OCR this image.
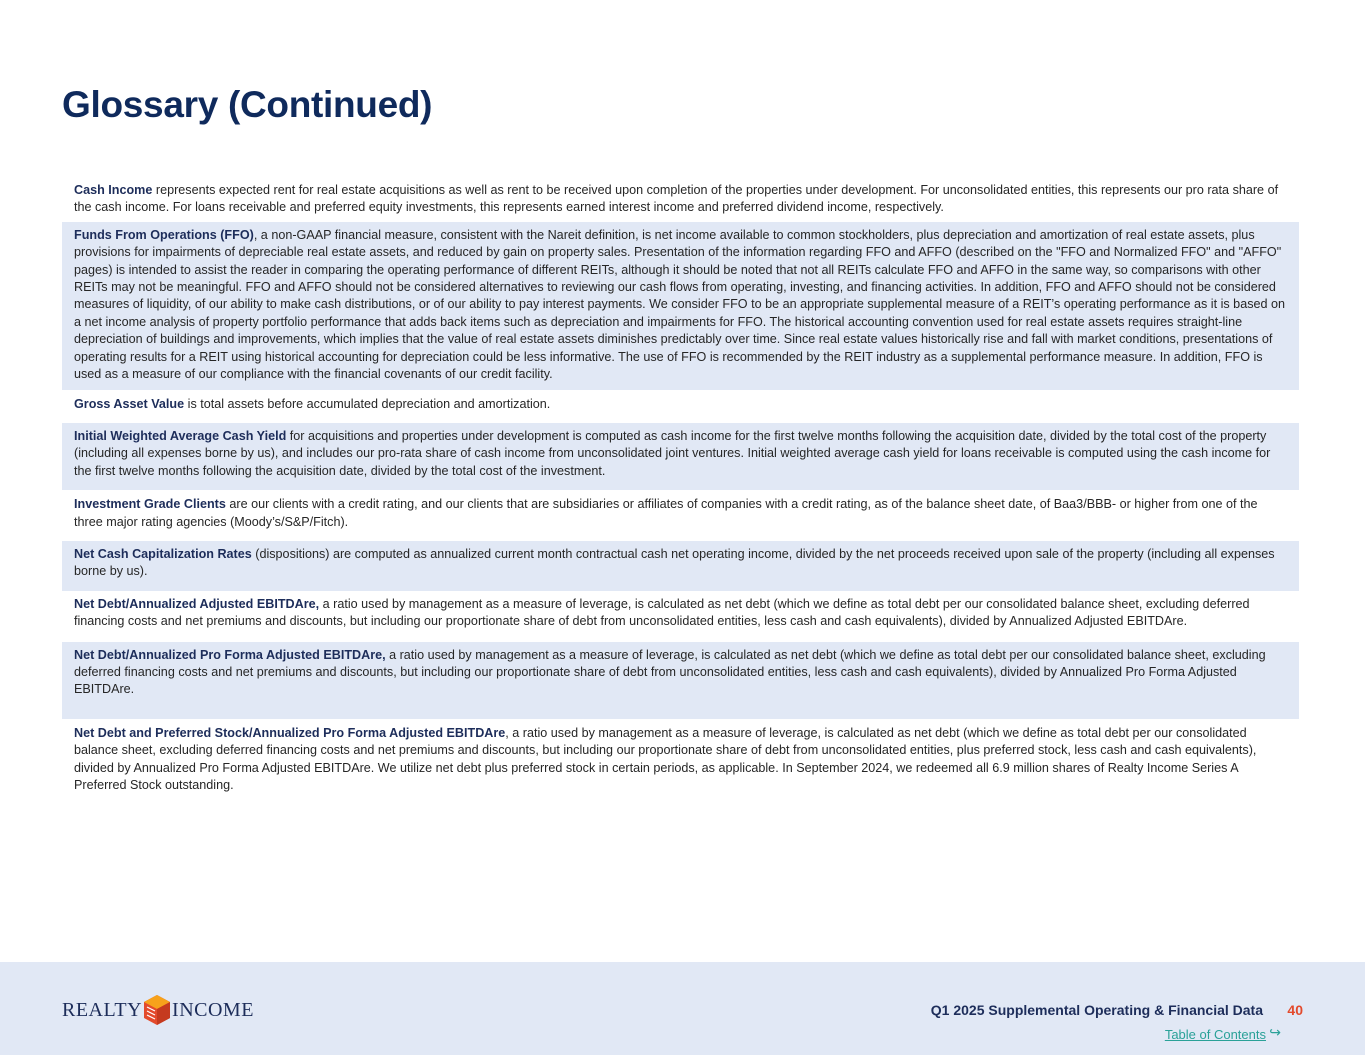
Glossary (Continued)
Cash Income represents expected rent for real estate acquisitions as well as rent to be received upon completion of the properties under development. For unconsolidated entities, this represents our pro rata share of the cash income. For loans receivable and preferred equity investments, this represents earned interest income and preferred dividend income, respectively.
Funds From Operations (FFO), a non-GAAP financial measure, consistent with the Nareit definition, is net income available to common stockholders, plus depreciation and amortization of real estate assets, plus provisions for impairments of depreciable real estate assets, and reduced by gain on property sales. Presentation of the information regarding FFO and AFFO (described on the "FFO and Normalized FFO" and "AFFO" pages) is intended to assist the reader in comparing the operating performance of different REITs, although it should be noted that not all REITs calculate FFO and AFFO in the same way, so comparisons with other REITs may not be meaningful. FFO and AFFO should not be considered alternatives to reviewing our cash flows from operating, investing, and financing activities. In addition, FFO and AFFO should not be considered measures of liquidity, of our ability to make cash distributions, or of our ability to pay interest payments. We consider FFO to be an appropriate supplemental measure of a REIT’s operating performance as it is based on a net income analysis of property portfolio performance that adds back items such as depreciation and impairments for FFO. The historical accounting convention used for real estate assets requires straight-line depreciation of buildings and improvements, which implies that the value of real estate assets diminishes predictably over time. Since real estate values historically rise and fall with market conditions, presentations of operating results for a REIT using historical accounting for depreciation could be less informative. The use of FFO is recommended by the REIT industry as a supplemental performance measure. In addition, FFO is used as a measure of our compliance with the financial covenants of our credit facility.
Gross Asset Value is total assets before accumulated depreciation and amortization.
Initial Weighted Average Cash Yield for acquisitions and properties under development is computed as cash income for the first twelve months following the acquisition date, divided by the total cost of the property (including all expenses borne by us), and includes our pro-rata share of cash income from unconsolidated joint ventures. Initial weighted average cash yield for loans receivable is computed using the cash income for the first twelve months following the acquisition date, divided by the total cost of the investment.
Investment Grade Clients are our clients with a credit rating, and our clients that are subsidiaries or affiliates of companies with a credit rating, as of the balance sheet date, of Baa3/BBB- or higher from one of the three major rating agencies (Moody’s/S&P/Fitch).
Net Cash Capitalization Rates (dispositions) are computed as annualized current month contractual cash net operating income, divided by the net proceeds received upon sale of the property (including all expenses borne by us).
Net Debt/Annualized Adjusted EBITDAre, a ratio used by management as a measure of leverage, is calculated as net debt (which we define as total debt per our consolidated balance sheet, excluding deferred financing costs and net premiums and discounts, but including our proportionate share of debt from unconsolidated entities, less cash and cash equivalents), divided by Annualized Adjusted EBITDAre.
Net Debt/Annualized Pro Forma Adjusted EBITDAre, a ratio used by management as a measure of leverage, is calculated as net debt (which we define as total debt per our consolidated balance sheet, excluding deferred financing costs and net premiums and discounts, but including our proportionate share of debt from unconsolidated entities, less cash and cash equivalents), divided by Annualized Pro Forma Adjusted EBITDAre.
Net Debt and Preferred Stock/Annualized Pro Forma Adjusted EBITDAre, a ratio used by management as a measure of leverage, is calculated as net debt (which we define as total debt per our consolidated balance sheet, excluding deferred financing costs and net premiums and discounts, but including our proportionate share of debt from unconsolidated entities, plus preferred stock, less cash and cash equivalents), divided by Annualized Pro Forma Adjusted EBITDAre. We utilize net debt plus preferred stock in certain periods, as applicable. In September 2024, we redeemed all 6.9 million shares of Realty Income Series A Preferred Stock outstanding.
REALTY INCOME	Q1 2025 Supplemental Operating & Financial Data 40
Table of Contents ↪
